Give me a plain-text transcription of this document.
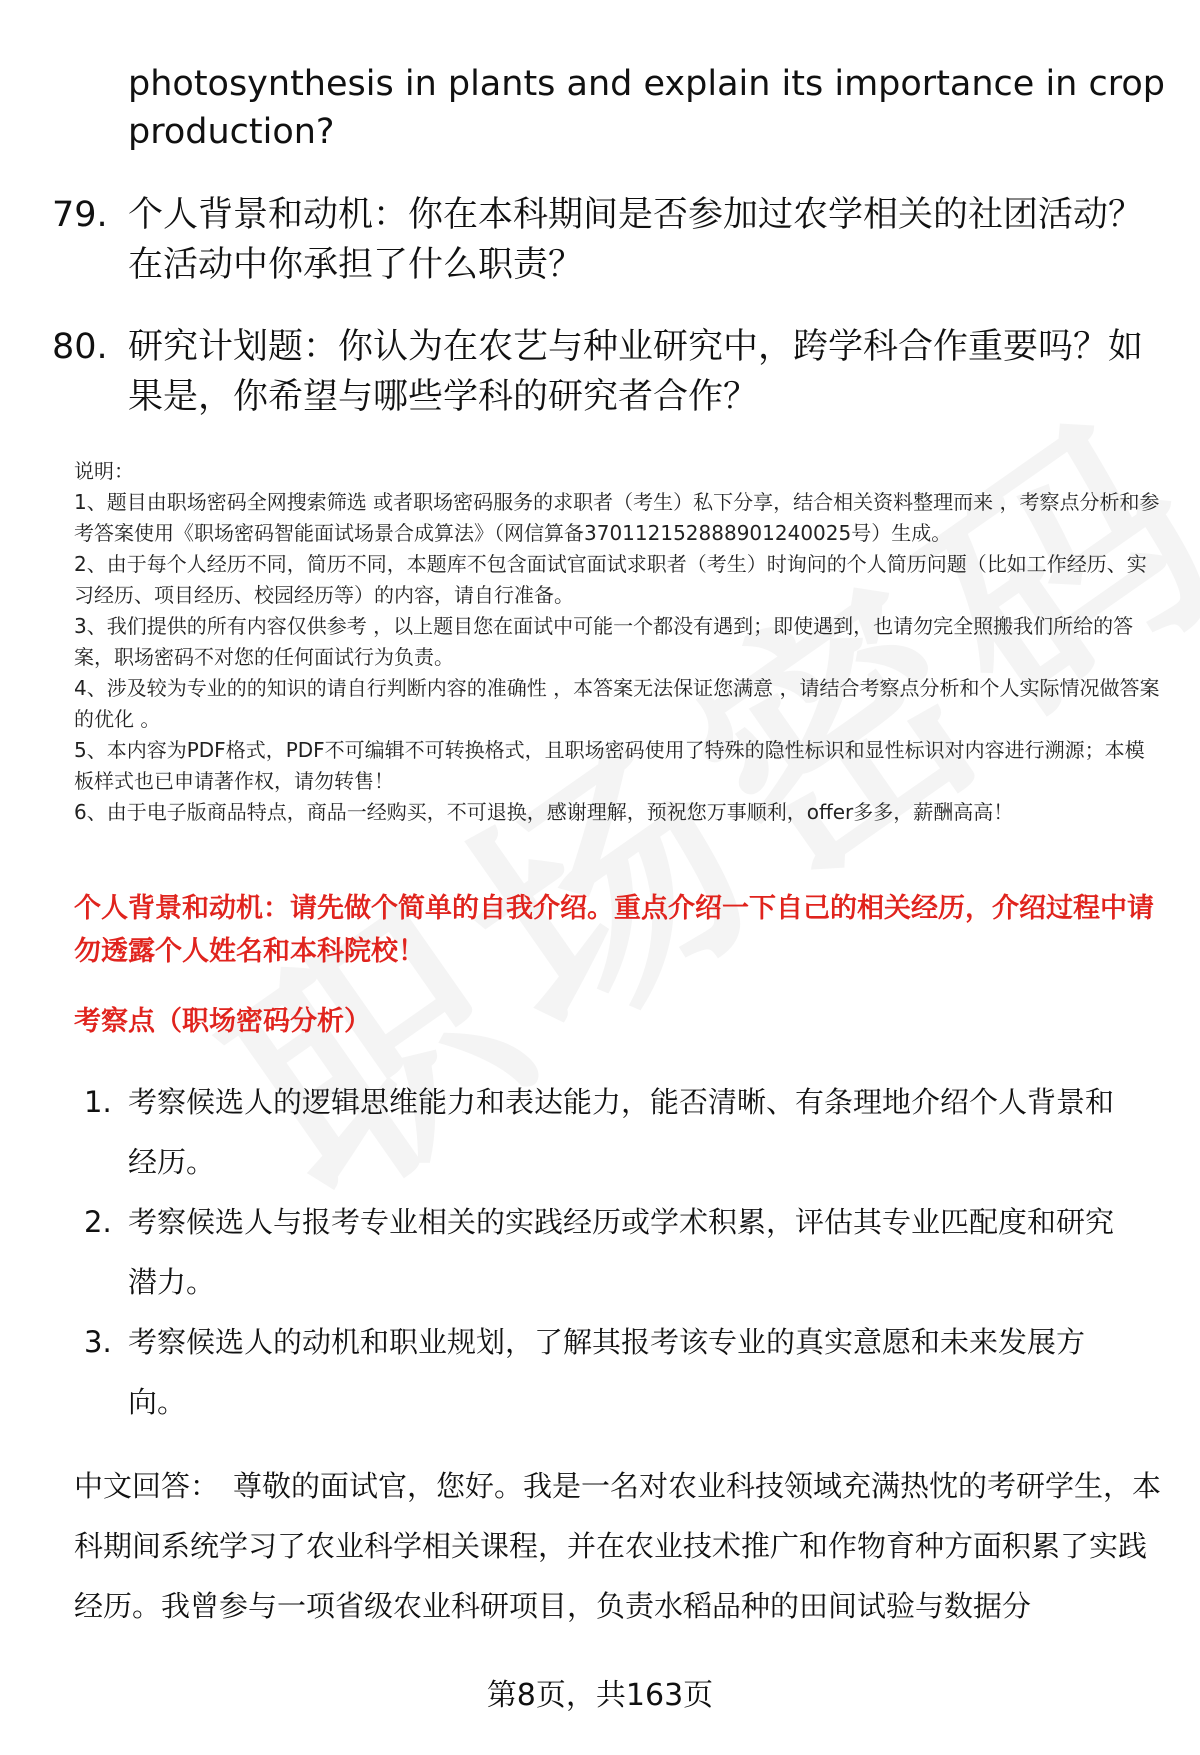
photosynthesis in plants and explain its importance in crop production?
79. 个人背景和动机：你在本科期间是否参加过农学相关的社团活动？在活动中你承担了什么职责？
80. 研究计划题：你认为在农艺与种业研究中，跨学科合作重要吗？如果是，你希望与哪些学科的研究者合作？

说明：

1、题目由职场密码全网搜索筛选 或者职场密码服务的求职者（考生）私下分享，结合相关资料整理而来 ，考察点分析和参考答案使用《职场密码智能面试场景合成算法》（网信算备370112152888901240025号）生成。

2、由于每个人经历不同，简历不同，本题库不包含面试官面试求职者（考生）时询问的个人简历问题（比如工作经历、实习经历、项目经历、校园经历等）的内容，请自行准备。

3、我们提供的所有内容仅供参考 ，以上题目您在面试中可能一个都没有遇到；即使遇到，也请勿完全照搬我们所给的答案，职场密码不对您的任何面试行为负责。

4、涉及较为专业的的知识的请自行判断内容的准确性 ，本答案无法保证您满意 ，请结合考察点分析和个人实际情况做答案的优化 。

5、本内容为PDF格式，PDF不可编辑不可转换格式，且职场密码使用了特殊的隐性标识和显性标识对内容进行溯源；本模板样式也已申请著作权，请勿转售！

6、由于电子版商品特点，商品一经购买，不可退换，感谢理解，预祝您万事顺利，offer多多，薪酬高高！

个人背景和动机：请先做个简单的自我介绍。重点介绍一下自己的相关经历，介绍过程中请勿透露个人姓名和本科院校！
考察点（职场密码分析）
1. 考察候选人的逻辑思维能力和表达能力，能否清晰、有条理地介绍个人背景和经历。
2. 考察候选人与报考专业相关的实践经历或学术积累，评估其专业匹配度和研究潜力。
3. 考察候选人的动机和职业规划，了解其报考该专业的真实意愿和未来发展方向。
中文回答： 尊敬的面试官，您好。我是一名对农业科技领域充满热忱的考研学生，本科期间系统学习了农业科学相关课程，并在农业技术推广和作物育种方面积累了实践经历。我曾参与一项省级农业科研项目，负责水稻品种的田间试验与数据分
第8页，共163页
